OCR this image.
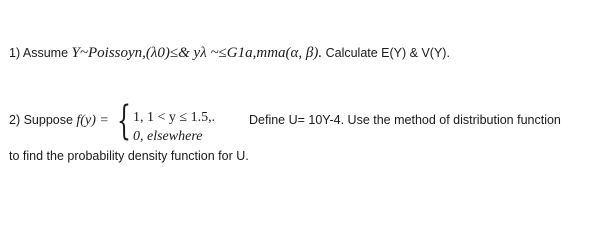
1) Assume Y~Poissoyn,(λ0)≤& yλ ~≤G1a,mma(α, β). Calculate E(Y) & V(Y).
2) Suppose f(y) = { 1, 1 < y ≤ 1.5,.
0, elsewhere
Define U= 10Y-4. Use the method of distribution function
to find the probability density function for U.
